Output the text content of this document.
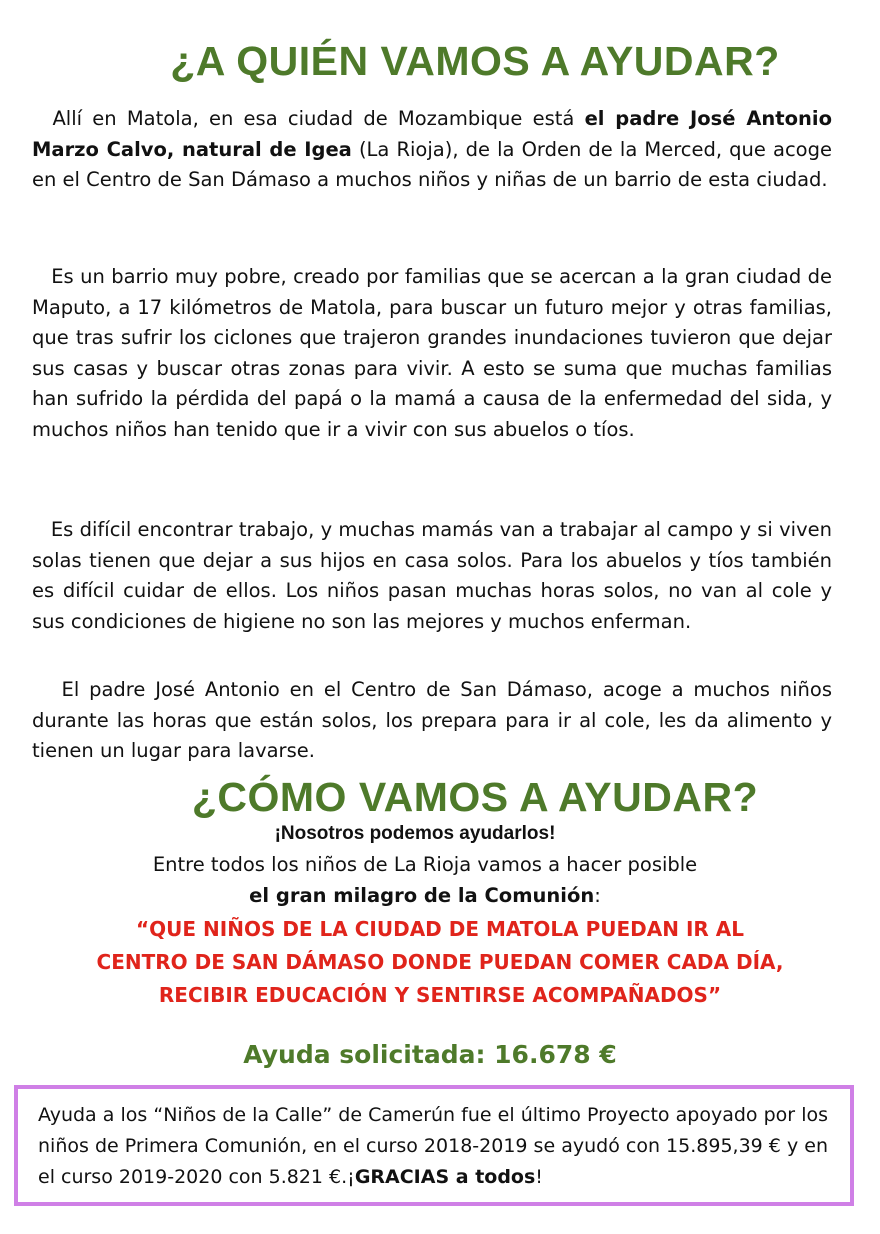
¿A QUIÉN VAMOS A AYUDAR?

Allí en Matola, en esa ciudad de Mozambique está el padre José Antonio Marzo Calvo, natural de Igea (La Rioja), de la Orden de la Merced, que acoge en el Centro de San Dámaso a muchos niños y niñas de un barrio de esta ciudad.

Es un barrio muy pobre, creado por familias que se acercan a la gran ciudad de Maputo, a 17 kilómetros de Matola, para buscar un futuro mejor y otras familias, que tras sufrir los ciclones que trajeron grandes inundaciones tuvieron que dejar sus casas y buscar otras zonas para vivir. A esto se suma que muchas familias han sufrido la pérdida del papá o la mamá a causa de la enfermedad del sida, y muchos niños han tenido que ir a vivir con sus abuelos o tíos.

Es difícil encontrar trabajo, y muchas mamás van a trabajar al campo y si viven solas tienen que dejar a sus hijos en casa solos. Para los abuelos y tíos también es difícil cuidar de ellos. Los niños pasan muchas horas solos, no van al cole y sus condiciones de higiene no son las mejores y muchos enferman.

El padre José Antonio en el Centro de San Dámaso, acoge a muchos niños durante las horas que están solos, los prepara para ir al cole, les da alimento y tienen un lugar para lavarse.

¿CÓMO VAMOS A AYUDAR?

¡Nosotros podemos ayudarlos!

Entre todos los niños de La Rioja vamos a hacer posible

el gran milagro de la Comunión:

“QUE NIÑOS DE LA CIUDAD DE MATOLA PUEDAN IR AL
CENTRO DE SAN DÁMASO DONDE PUEDAN COMER CADA DÍA,
RECIBIR EDUCACIÓN Y SENTIRSE ACOMPAÑADOS”

Ayuda solicitada: 16.678 €

Ayuda a los “Niños de la Calle” de Camerún fue el último Proyecto apoyado por los niños de Primera Comunión, en el curso 2018-2019 se ayudó con 15.895,39 € y en el curso 2019-2020 con 5.821 €.¡GRACIAS a todos!
